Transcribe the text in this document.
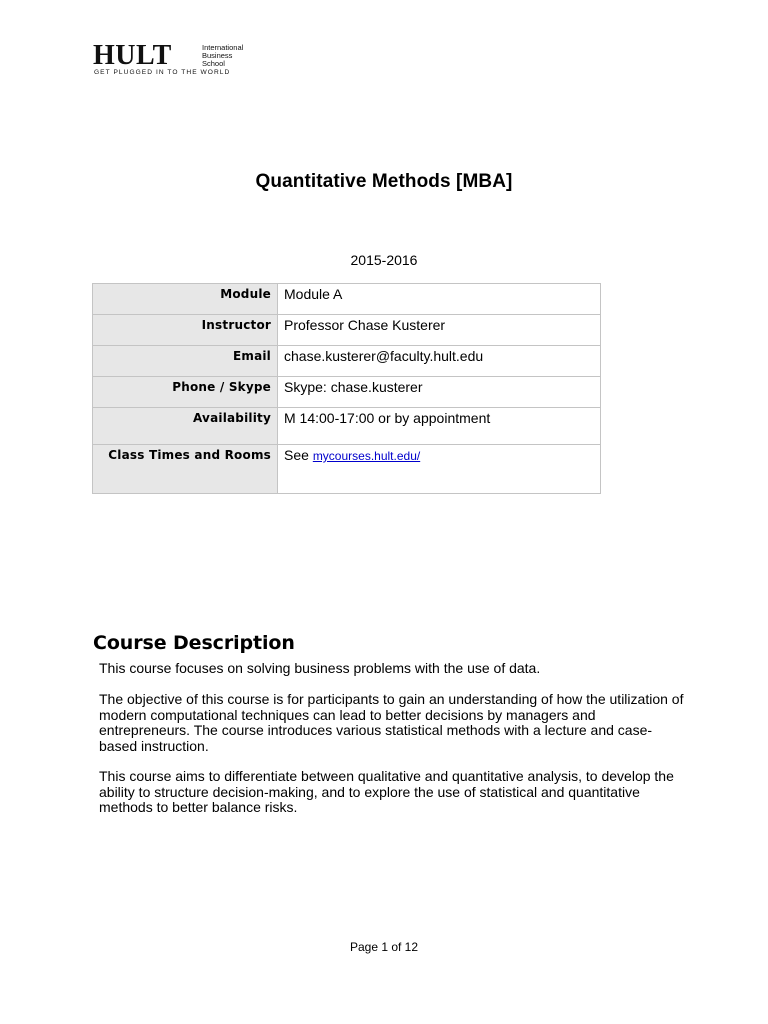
HULT	International
Business
School
GET PLUGGED IN TO THE WORLD
Quantitative Methods [MBA]
2015-2016
Module	Module A
Instructor	Professor Chase Kusterer
Email	chase.kusterer@faculty.hult.edu
Phone / Skype	Skype: chase.kusterer
Availability	M 14:00-17:00 or by appointment
Class Times and Rooms	See mycourses.hult.edu/
Course Description

This course focuses on solving business problems with the use of data.

The objective of this course is for participants to gain an understanding of how the utilization of modern computational techniques can lead to better decisions by managers and entrepreneurs. The course introduces various statistical methods with a lecture and case-based instruction.

This course aims to differentiate between qualitative and quantitative analysis, to develop the ability to structure decision-making, and to explore the use of statistical and quantitative methods to better balance risks.

Page 1 of 12
